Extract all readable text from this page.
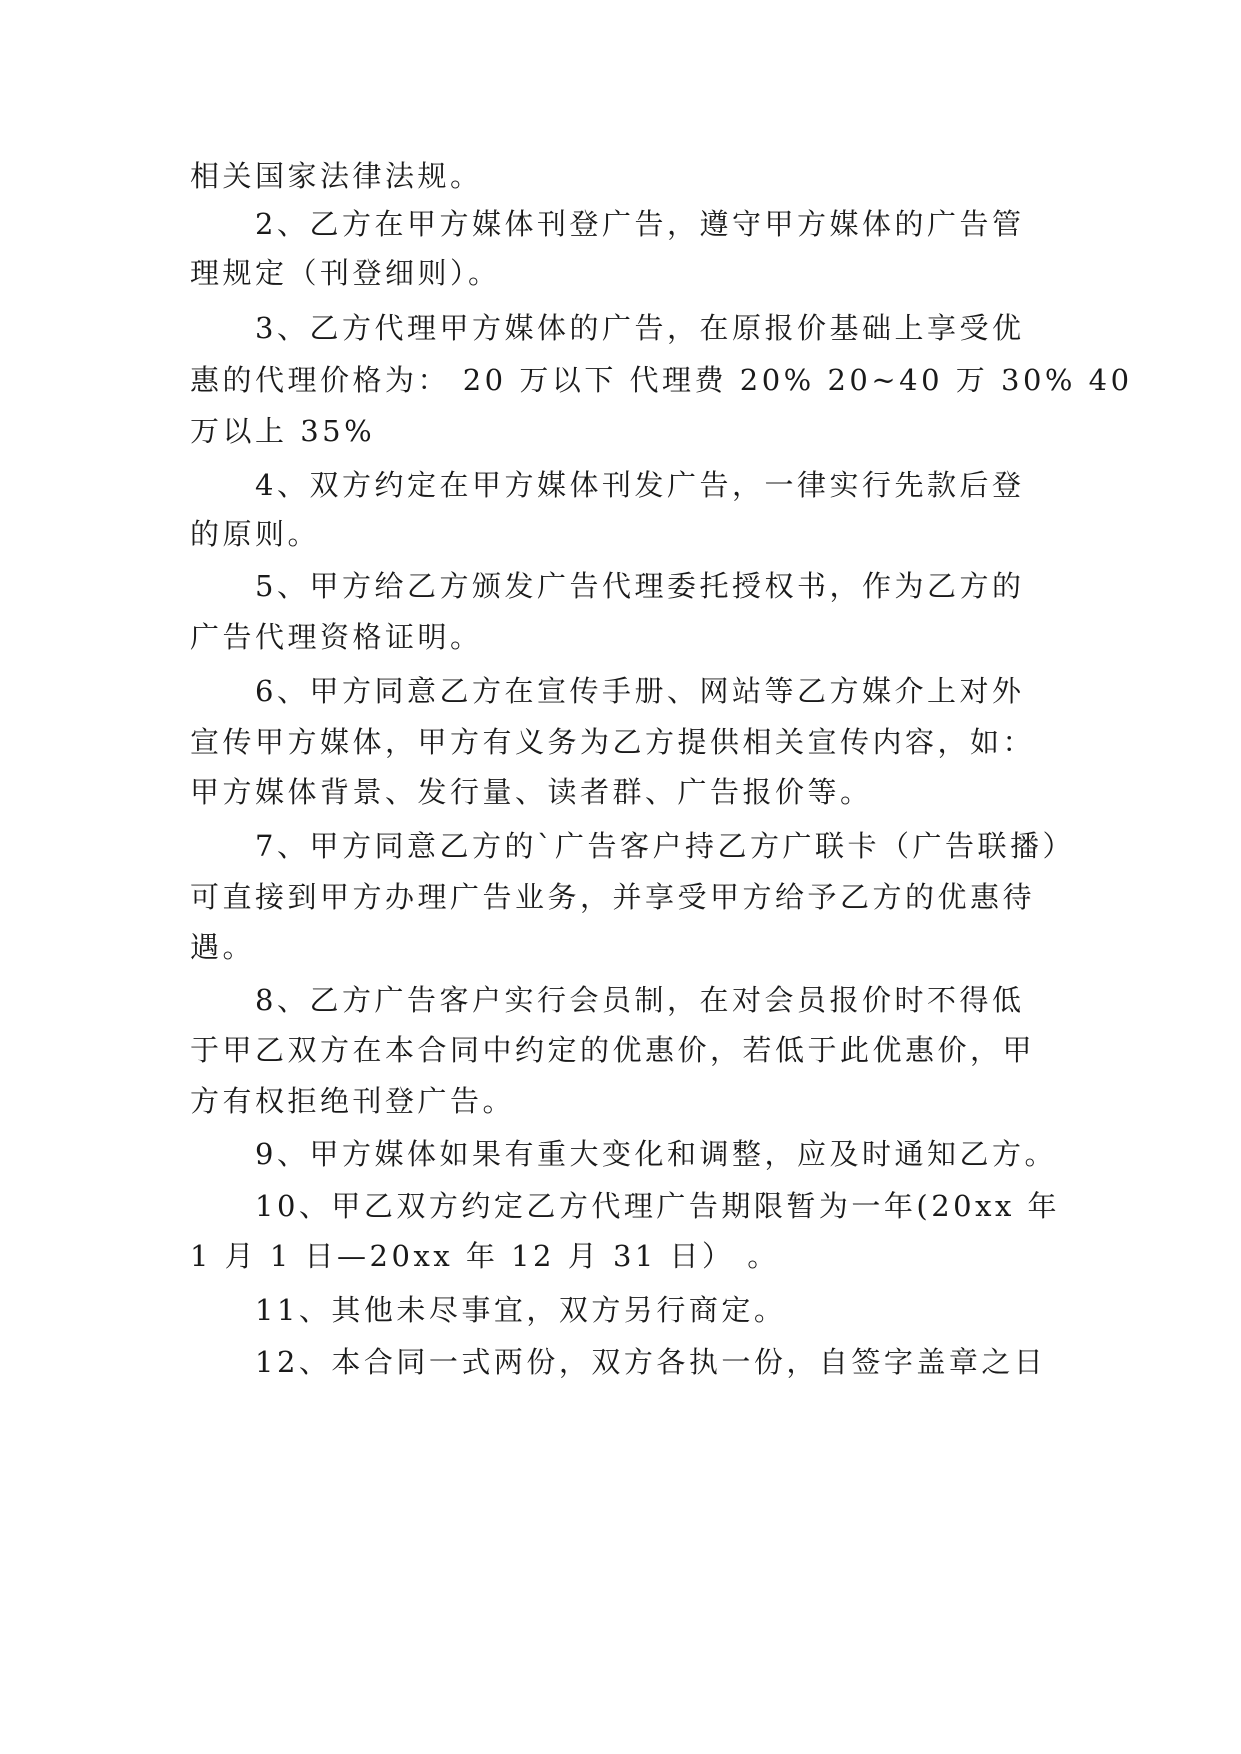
相关国家法律法规。
2、乙方在甲方媒体刊登广告，遵守甲方媒体的广告管
理规定（刊登细则）。
3、乙方代理甲方媒体的广告，在原报价基础上享受优
惠的代理价格为： 20 万以下 代理费 20% 20~40 万 30% 40
万以上 35%
4、双方约定在甲方媒体刊发广告，一律实行先款后登
的原则。
5、甲方给乙方颁发广告代理委托授权书，作为乙方的
广告代理资格证明。
6、甲方同意乙方在宣传手册、网站等乙方媒介上对外
宣传甲方媒体，甲方有义务为乙方提供相关宣传内容，如：
甲方媒体背景、发行量、读者群、广告报价等。
7、甲方同意乙方的`广告客户持乙方广联卡（广告联播）
可直接到甲方办理广告业务，并享受甲方给予乙方的优惠待
遇。
8、乙方广告客户实行会员制，在对会员报价时不得低
于甲乙双方在本合同中约定的优惠价，若低于此优惠价，甲
方有权拒绝刊登广告。
9、甲方媒体如果有重大变化和调整，应及时通知乙方。
10、甲乙双方约定乙方代理广告期限暂为一年(20xx 年
1 月 1 日—20xx 年 12 月 31 日） 。
11、其他未尽事宜，双方另行商定。
12、本合同一式两份，双方各执一份，自签字盖章之日
